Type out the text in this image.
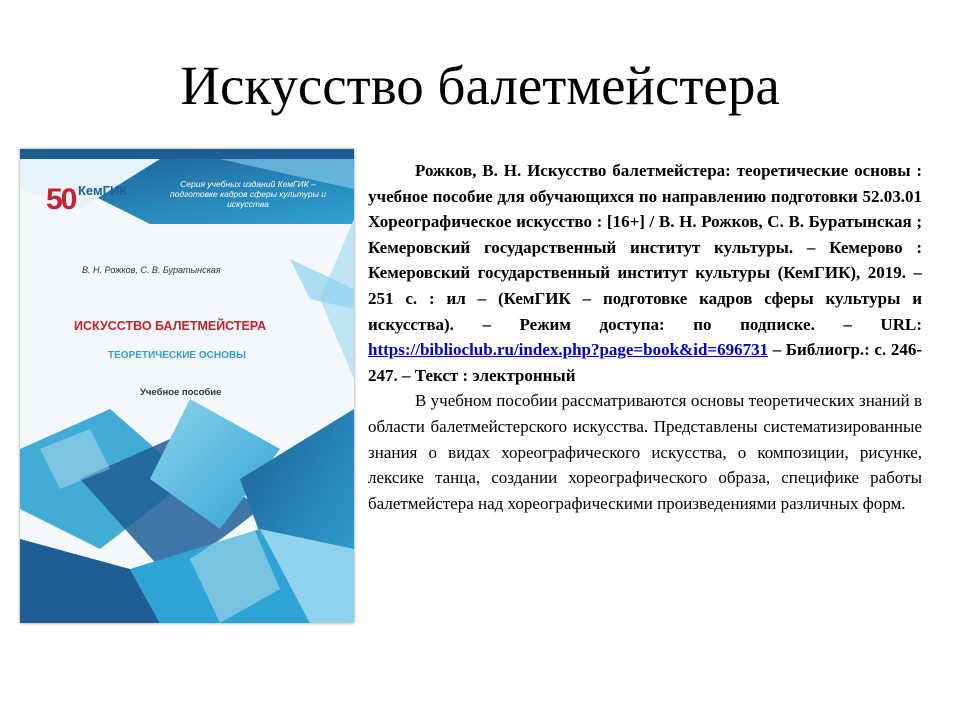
Искусство балетмейстера
50 КемГИК	Серия учебных изданий КемГИК – подготовке кадров сферы культуры и искусства
В. Н. Рожков, С. В. Буратынская
ИСКУССТВО БАЛЕТМЕЙСТЕРА
ТЕОРЕТИЧЕСКИЕ ОСНОВЫ
Учебное пособие

Рожков, В. Н. Искусство балетмейстера: теоретические основы : учебное пособие для обучающихся по направлению подготовки 52.03.01 Хореографическое искусство : [16+] / В. Н. Рожков, С. В. Буратынская ; Кемеровский государственный институт культуры. – Кемерово : Кемеровский государственный институт культуры (КемГИК), 2019. – 251 с. : ил – (КемГИК – подготовке кадров сферы культуры и искусства). – Режим доступа: по подписке. – URL: https://biblioclub.ru/index.php?page=book&id=696731 – Библиогр.: с. 246-247. – Текст : электронный

В учебном пособии рассматриваются основы теоретических знаний в области балетмейстерского искусства. Представлены систематизированные знания о видах хореографического искусства, о композиции, рисунке, лексике танца, создании хореографического образа, специфике работы балетмейстера над хореографическими произведениями различных форм.
